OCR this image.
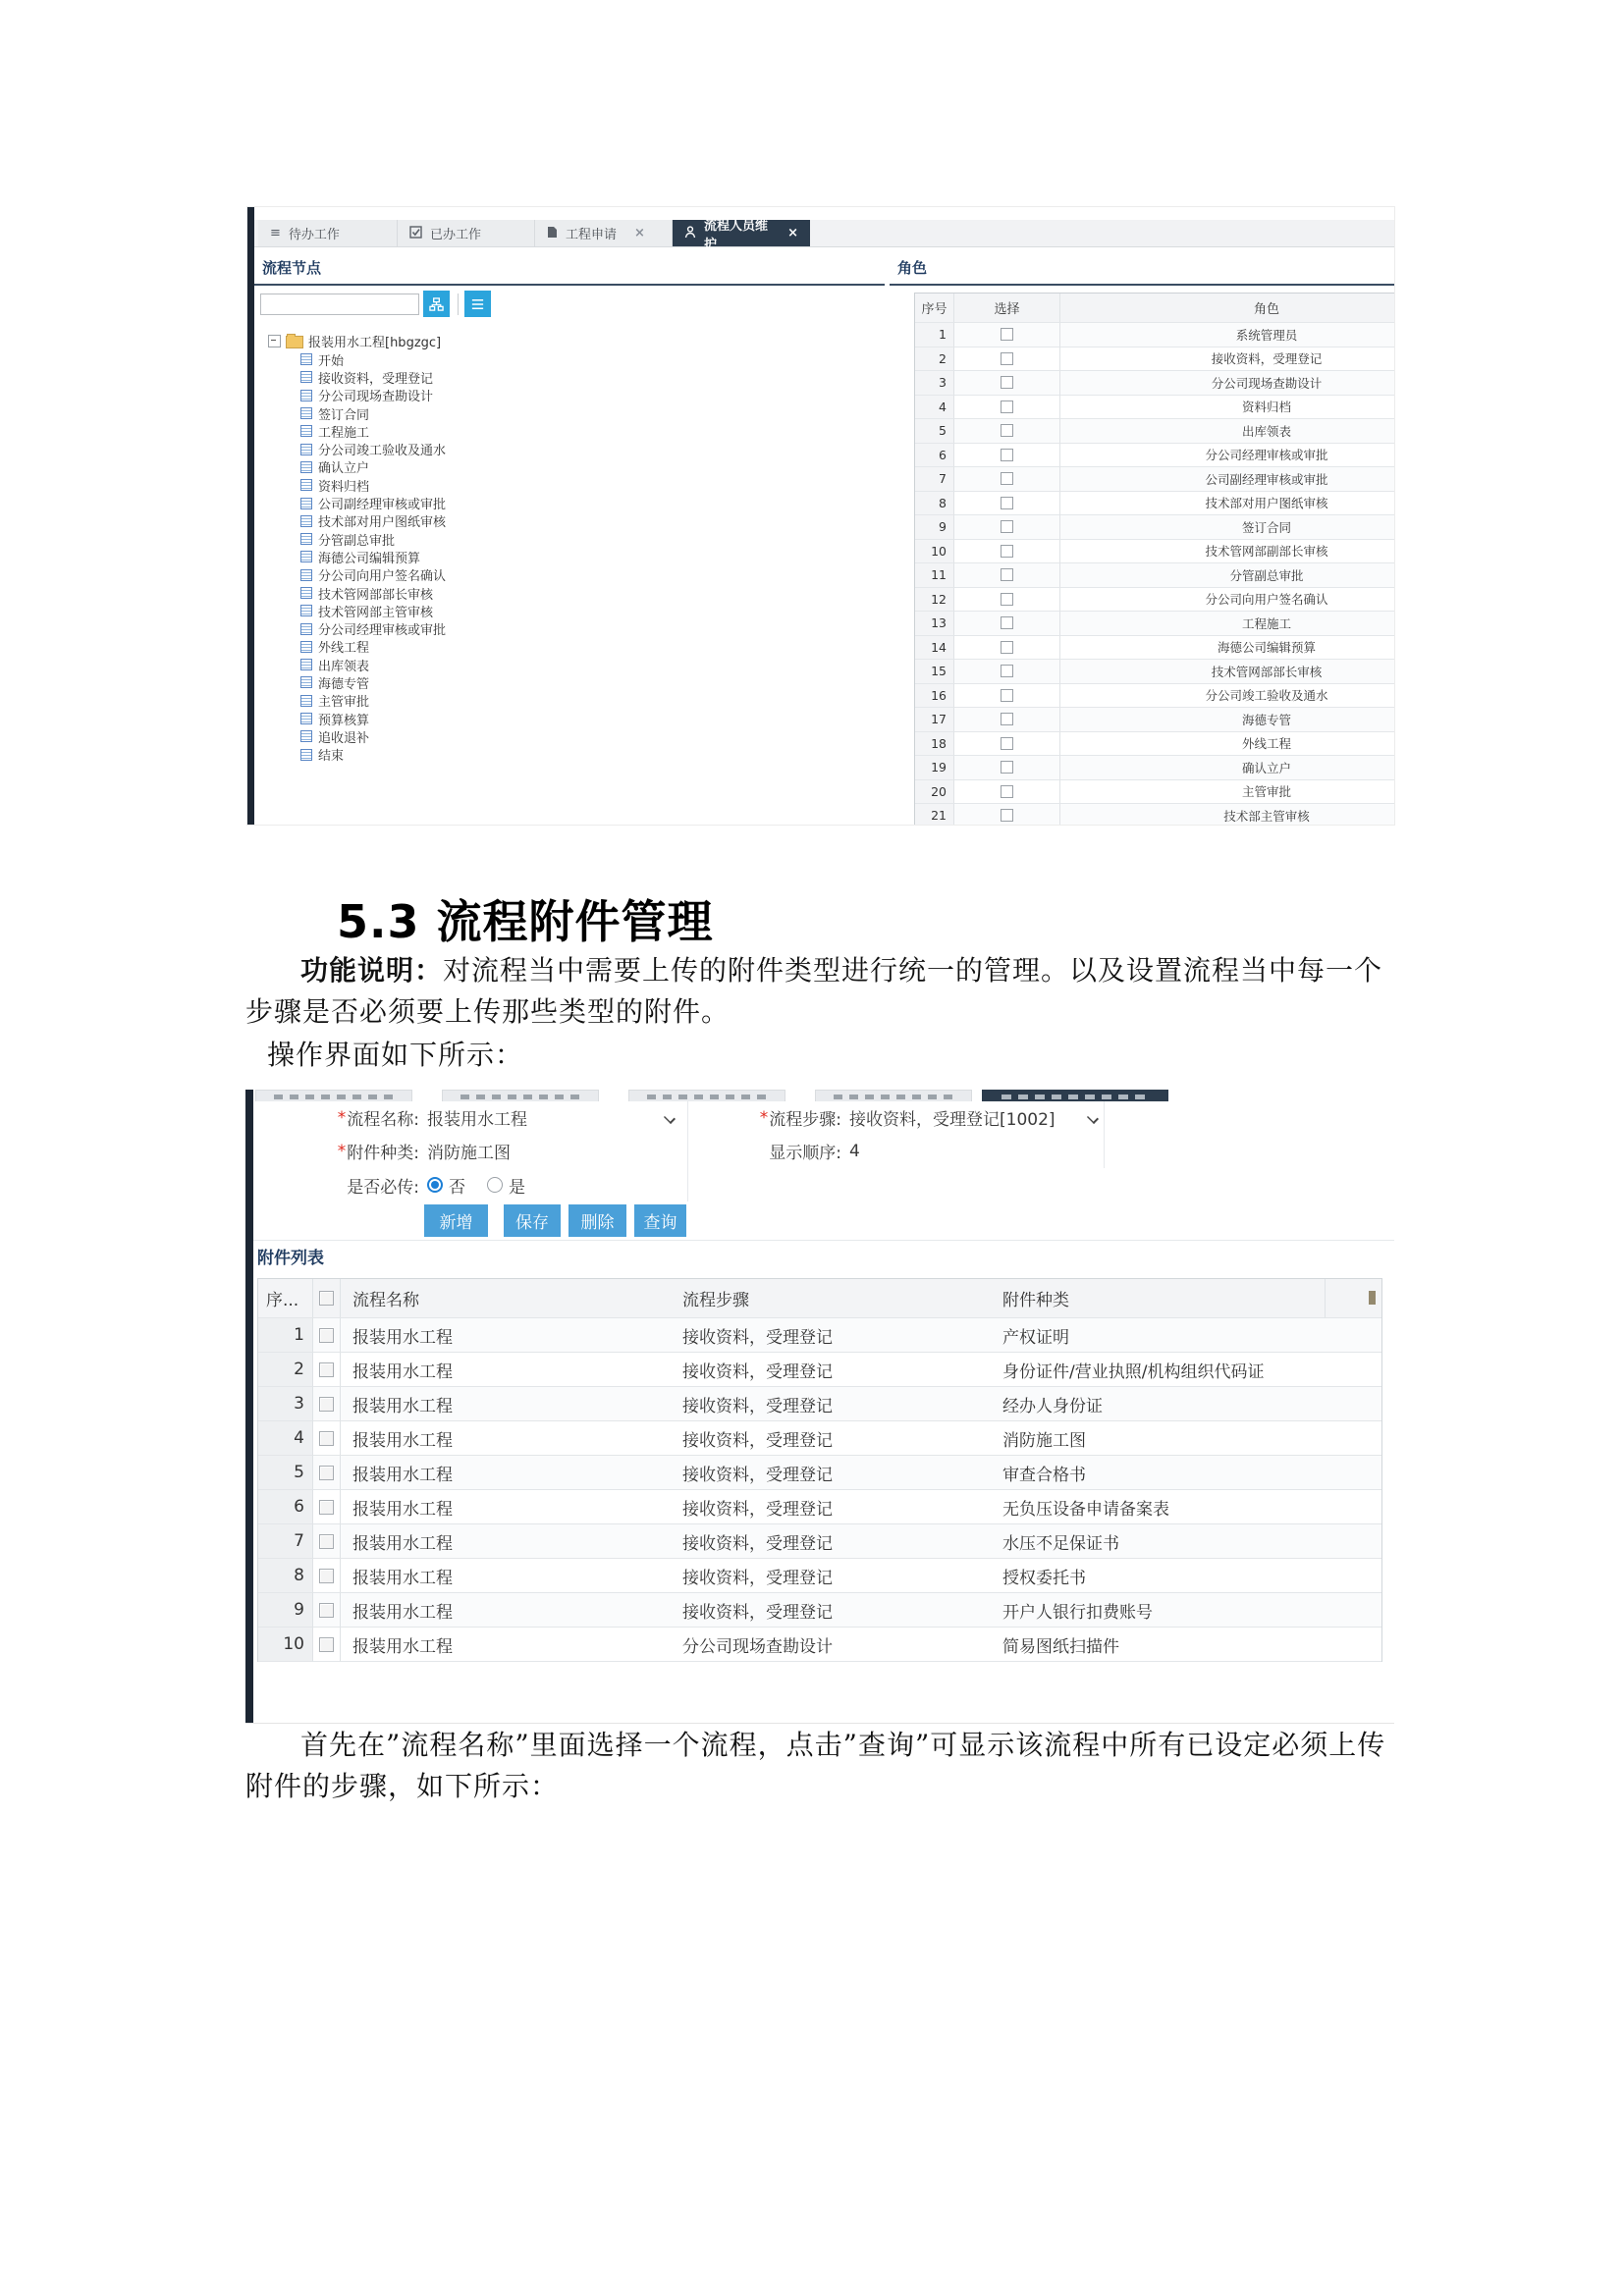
≡ 待办工作	已办工作	工程申请 ×	流程人员维护
×
流程节点
报装用水工程[hbgzgc]
开始
接收资料，受理登记
分公司现场查勘设计
签订合同
工程施工
分公司竣工验收及通水
确认立户
资料归档
公司副经理审核或审批
技术部对用户图纸审核
分管副总审批
海德公司编辑预算
分公司向用户签名确认
技术管网部部长审核
技术管网部主管审核
分公司经理审核或审批
外线工程
出库领表
海德专管
主管审批
预算核算
追收退补
结束
角色
序号	选择	角色
1	系统管理员
2	接收资料，受理登记
3	分公司现场查勘设计
4	资料归档
5	出库领表
6	分公司经理审核或审批
7	公司副经理审核或审批
8	技术部对用户图纸审核
9	签订合同
10	技术管网部副部长审核
11	分管副总审批
12	分公司向用户签名确认
13	工程施工
14	海德公司编辑预算
15	技术管网部部长审核
16	分公司竣工验收及通水
17	海德专管
18	外线工程
19	确认立户
20	主管审批
21	技术部主管审核
5.3 流程附件管理
功能说明：对流程当中需要上传的附件类型进行统一的管理。以及设置流程当中每一个
步骤是否必须要上传那些类型的附件。
操作界面如下所示：
* 流程名称: 报装用水工程	* 流程步骤: 接收资料，受理登记[1002]
* 附件种类: 消防施工图	显示顺序: 4
是否必传: 否	是
新增	保存	删除	查询
附件列表
序...	流程名称	流程步骤	附件种类
1	报装用水工程	接收资料，受理登记	产权证明
2	报装用水工程	接收资料，受理登记	身份证件/营业执照/机构组织代码证
3	报装用水工程	接收资料，受理登记	经办人身份证
4	报装用水工程	接收资料，受理登记	消防施工图
5	报装用水工程	接收资料，受理登记	审查合格书
6	报装用水工程	接收资料，受理登记	无负压设备申请备案表
7	报装用水工程	接收资料，受理登记	水压不足保证书
8	报装用水工程	接收资料，受理登记	授权委托书
9	报装用水工程	接收资料，受理登记	开户人银行扣费账号
10	报装用水工程	分公司现场查勘设计	简易图纸扫描件
首先在”流程名称”里面选择一个流程，点击”查询”可显示该流程中所有已设定必须上传
附件的步骤，如下所示：
